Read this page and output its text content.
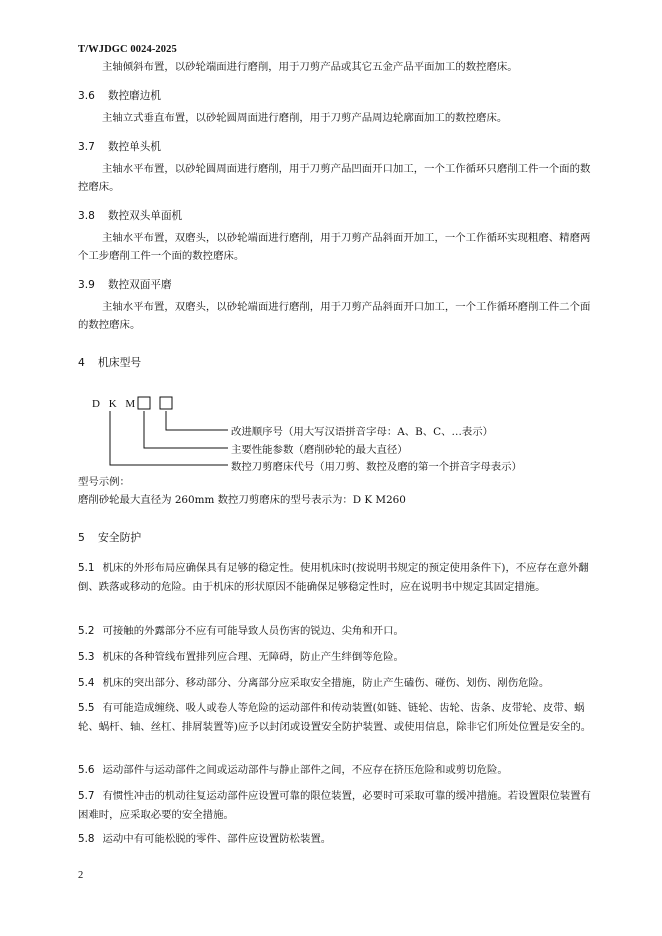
T/WJDGC 0024-2025
主轴倾斜布置，以砂轮端面进行磨削，用于刀剪产品或其它五金产品平面加工的数控磨床。
3.6 数控磨边机
主轴立式垂直布置，以砂轮圆周面进行磨削，用于刀剪产品周边轮廓面加工的数控磨床。
3.7 数控单头机
主轴水平布置，以砂轮圆周面进行磨削，用于刀剪产品凹面开口加工，一个工作循环只磨削工件一个面的数控磨床。
3.8 数控双头单面机
主轴水平布置，双磨头，以砂轮端面进行磨削，用于刀剪产品斜面开加工，一个工作循环实现粗磨、精磨两个工步磨削工件一个面的数控磨床。
3.9 数控双面平磨
主轴水平布置，双磨头，以砂轮端面进行磨削，用于刀剪产品斜面开口加工，一个工作循环磨削工件二个面的数控磨床。
4 机床型号
D K M
改进顺序号（用大写汉语拼音字母：A、B、C、…表示）
主要性能参数（磨削砂轮的最大直径）
数控刀剪磨床代号（用刀剪、数控及磨的第一个拼音字母表示）
型号示例：
磨削砂轮最大直径为 260mm 数控刀剪磨床的型号表示为：D K M260
5 安全防护
5.1 机床的外形布局应确保具有足够的稳定性。使用机床时(按说明书规定的预定使用条件下)，不应存在意外翻倒、跌落或移动的危险。由于机床的形状原因不能确保足够稳定性时，应在说明书中规定其固定措施。
5.2 可接触的外露部分不应有可能导致人员伤害的锐边、尖角和开口。
5.3 机床的各种管线布置排列应合理、无障碍，防止产生绊倒等危险。
5.4 机床的突出部分、移动部分、分离部分应采取安全措施，防止产生磕伤、碰伤、划伤、剐伤危险。
5.5 有可能造成缠绕、吸人或卷人等危险的运动部件和传动装置(如链、链轮、齿轮、齿条、皮带轮、皮带、蜗轮、蜗杆、轴、丝杠、排屑装置等)应予以封闭或设置安全防护装置、或使用信息，除非它们所处位置是安全的。
5.6 运动部件与运动部件之间或运动部件与静止部件之间，不应存在挤压危险和或剪切危险。
5.7 有惯性冲击的机动往复运动部件应设置可靠的限位装置，必要时可采取可靠的缓冲措施。若设置限位装置有困难时，应采取必要的安全措施。
5.8 运动中有可能松脱的零件、部件应设置防松装置。
2
